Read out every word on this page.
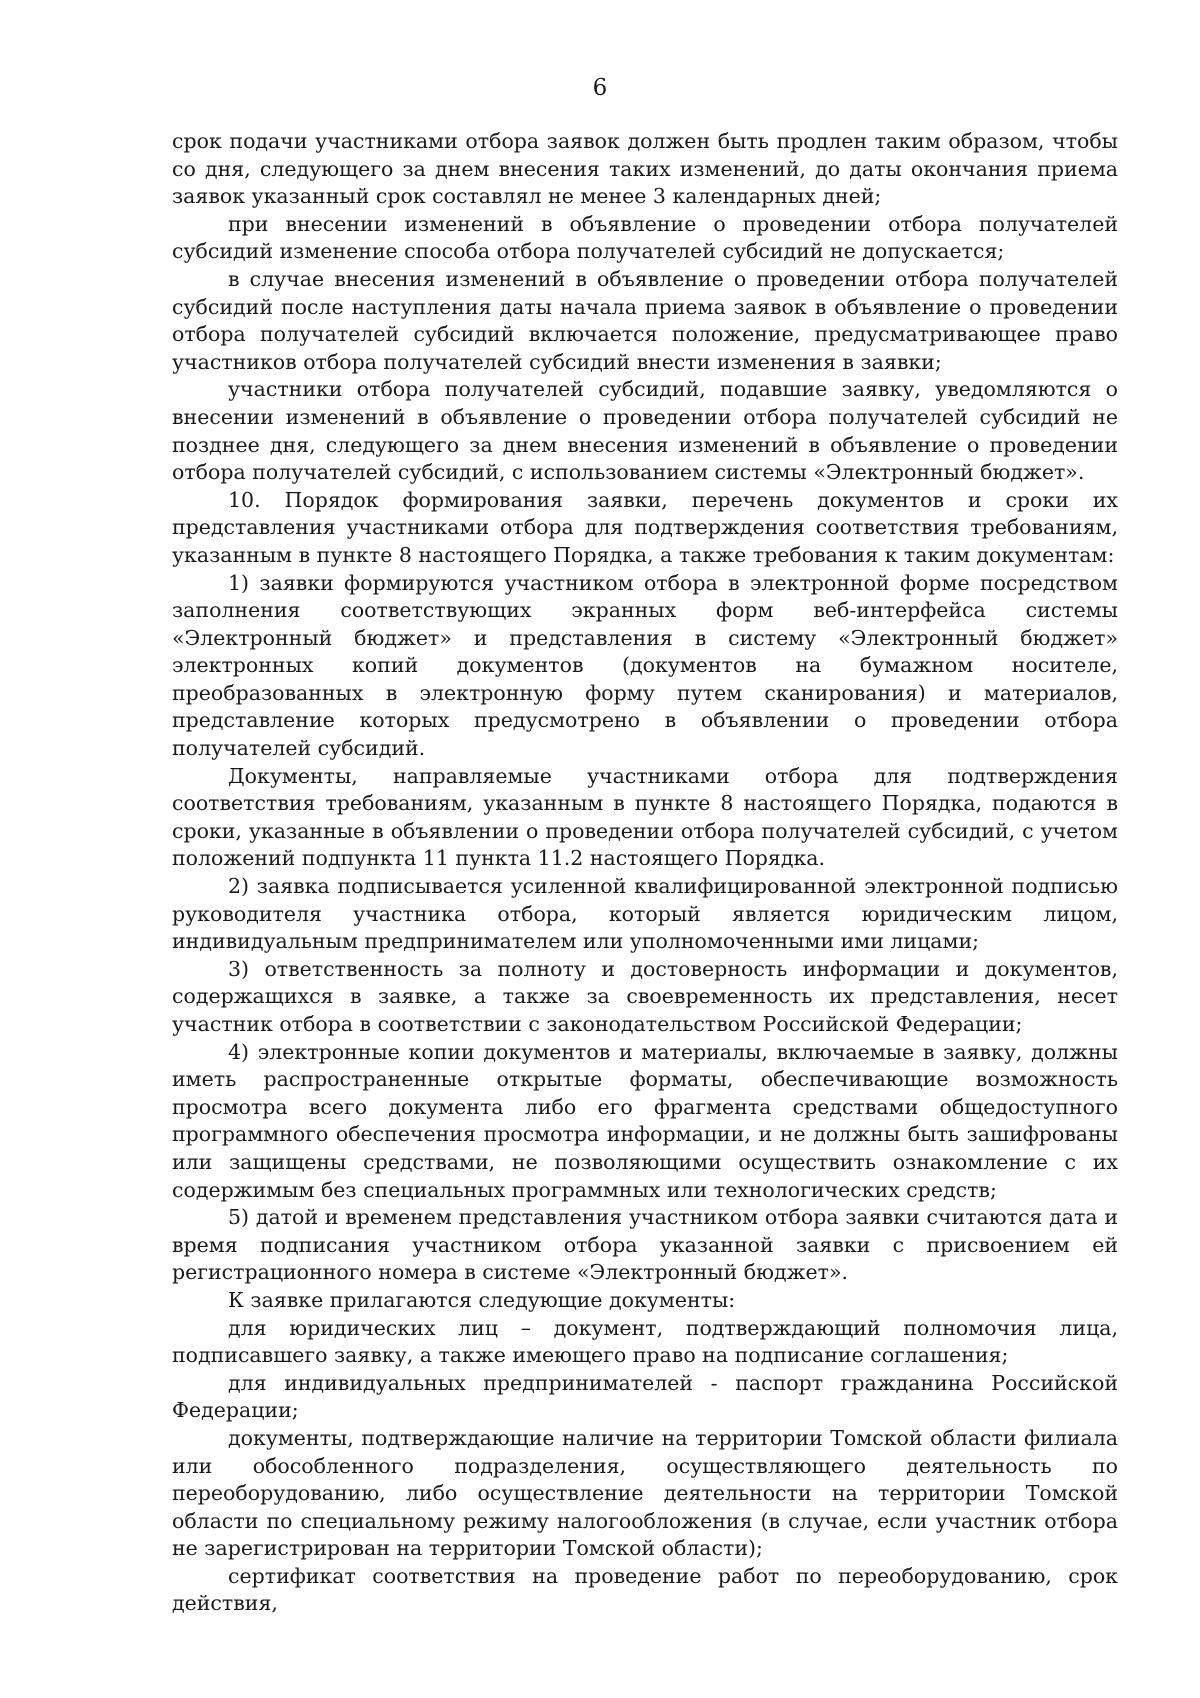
6

срок подачи участниками отбора заявок должен быть продлен таким образом, чтобы со дня, следующего за днем внесения таких изменений, до даты окончания приема заявок указанный срок составлял не менее 3 календарных дней;

при внесении изменений в объявление о проведении отбора получателей субсидий изменение способа отбора получателей субсидий не допускается;

в случае внесения изменений в объявление о проведении отбора получателей субсидий после наступления даты начала приема заявок в объявление о проведении отбора получателей субсидий включается положение, предусматривающее право участников отбора получателей субсидий внести изменения в заявки;

участники отбора получателей субсидий, подавшие заявку, уведомляются о внесении изменений в объявление о проведении отбора получателей субсидий не позднее дня, следующего за днем внесения изменений в объявление о проведении отбора получателей субсидий, с использованием системы «Электронный бюджет».

10. Порядок формирования заявки, перечень документов и сроки их представления участниками отбора для подтверждения соответствия требованиям, указанным в пункте 8 настоящего Порядка, а также требования к таким документам:

1) заявки формируются участником отбора в электронной форме посредством заполнения соответствующих экранных форм веб-интерфейса системы «Электронный бюджет» и представления в систему «Электронный бюджет» электронных копий документов (документов на бумажном носителе, преобразованных в электронную форму путем сканирования) и материалов, представление которых предусмотрено в объявлении о проведении отбора получателей субсидий.

Документы, направляемые участниками отбора для подтверждения соответствия требованиям, указанным в пункте 8 настоящего Порядка, подаются в сроки, указанные в объявлении о проведении отбора получателей субсидий, с учетом положений подпункта 11 пункта 11.2 настоящего Порядка.

2) заявка подписывается усиленной квалифицированной электронной подписью руководителя участника отбора, который является юридическим лицом, индивидуальным предпринимателем или уполномоченными ими лицами;

3) ответственность за полноту и достоверность информации и документов, содержащихся в заявке, а также за своевременность их представления, несет участник отбора в соответствии с законодательством Российской Федерации;

4) электронные копии документов и материалы, включаемые в заявку, должны иметь распространенные открытые форматы, обеспечивающие возможность просмотра всего документа либо его фрагмента средствами общедоступного программного обеспечения просмотра информации, и не должны быть зашифрованы или защищены средствами, не позволяющими осуществить ознакомление с их содержимым без специальных программных или технологических средств;

5) датой и временем представления участником отбора заявки считаются дата и время подписания участником отбора указанной заявки с присвоением ей регистрационного номера в системе «Электронный бюджет».

К заявке прилагаются следующие документы:

для юридических лиц – документ, подтверждающий полномочия лица, подписавшего заявку, а также имеющего право на подписание соглашения;

для индивидуальных предпринимателей - паспорт гражданина Российской Федерации;

документы, подтверждающие наличие на территории Томской области филиала или обособленного подразделения, осуществляющего деятельность по переоборудованию, либо осуществление деятельности на территории Томской области по специальному режиму налогообложения (в случае, если участник отбора не зарегистрирован на территории Томской области);

сертификат соответствия на проведение работ по переоборудованию, срок действия,
